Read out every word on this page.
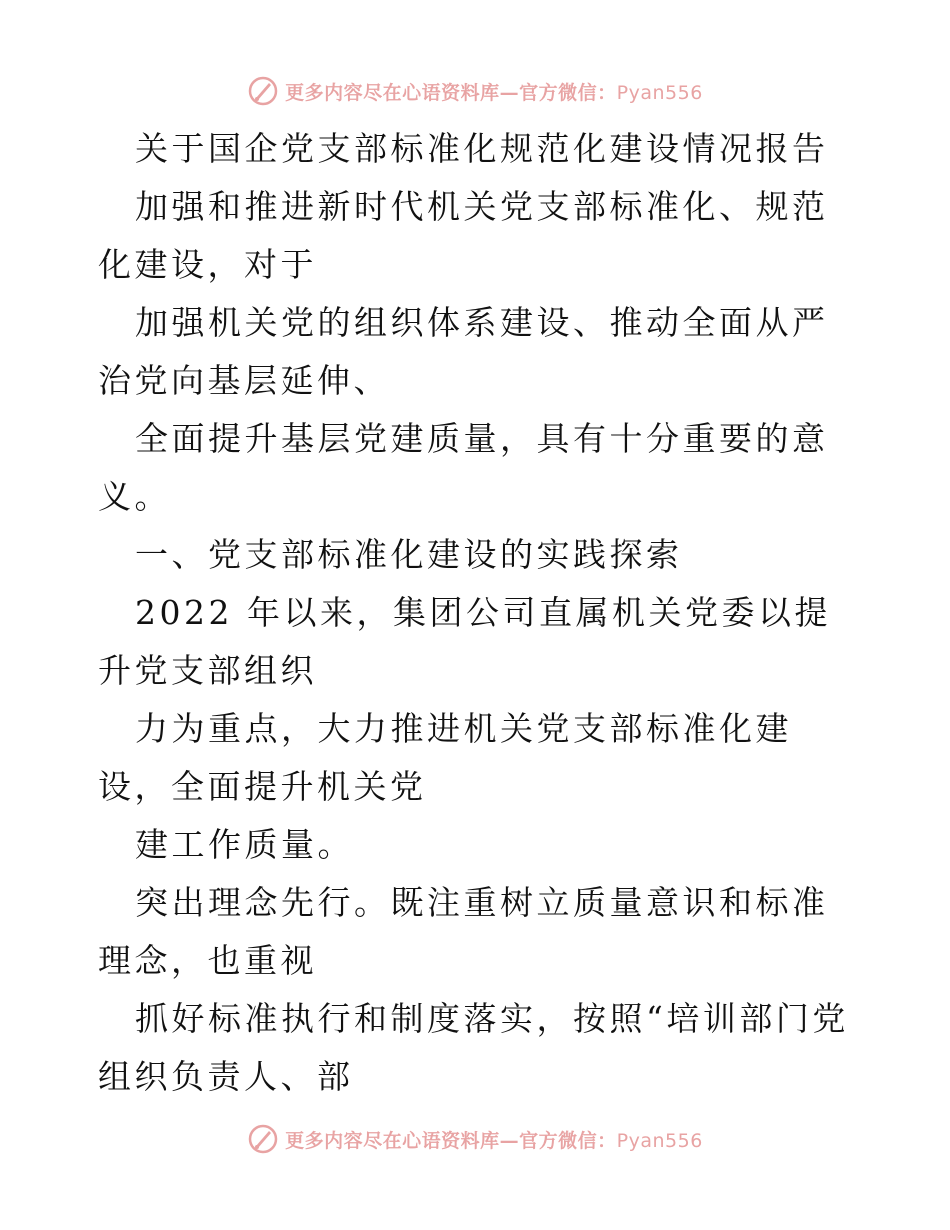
更多内容尽在心语资料库—官方微信：Pyan556

关于国企党支部标准化规范化建设情况报告

加强和推进新时代机关党支部标准化、规范化建设，对于

加强机关党的组织体系建设、推动全面从严治党向基层延伸、

全面提升基层党建质量，具有十分重要的意义。

一、党支部标准化建设的实践探索

2022 年以来，集团公司直属机关党委以提升党支部组织

力为重点，大力推进机关党支部标准化建设，全面提升机关党

建工作质量。

突出理念先行。既注重树立质量意识和标准理念，也重视

抓好标准执行和制度落实，按照“培训部门党组织负责人、部

更多内容尽在心语资料库—官方微信：Pyan556
